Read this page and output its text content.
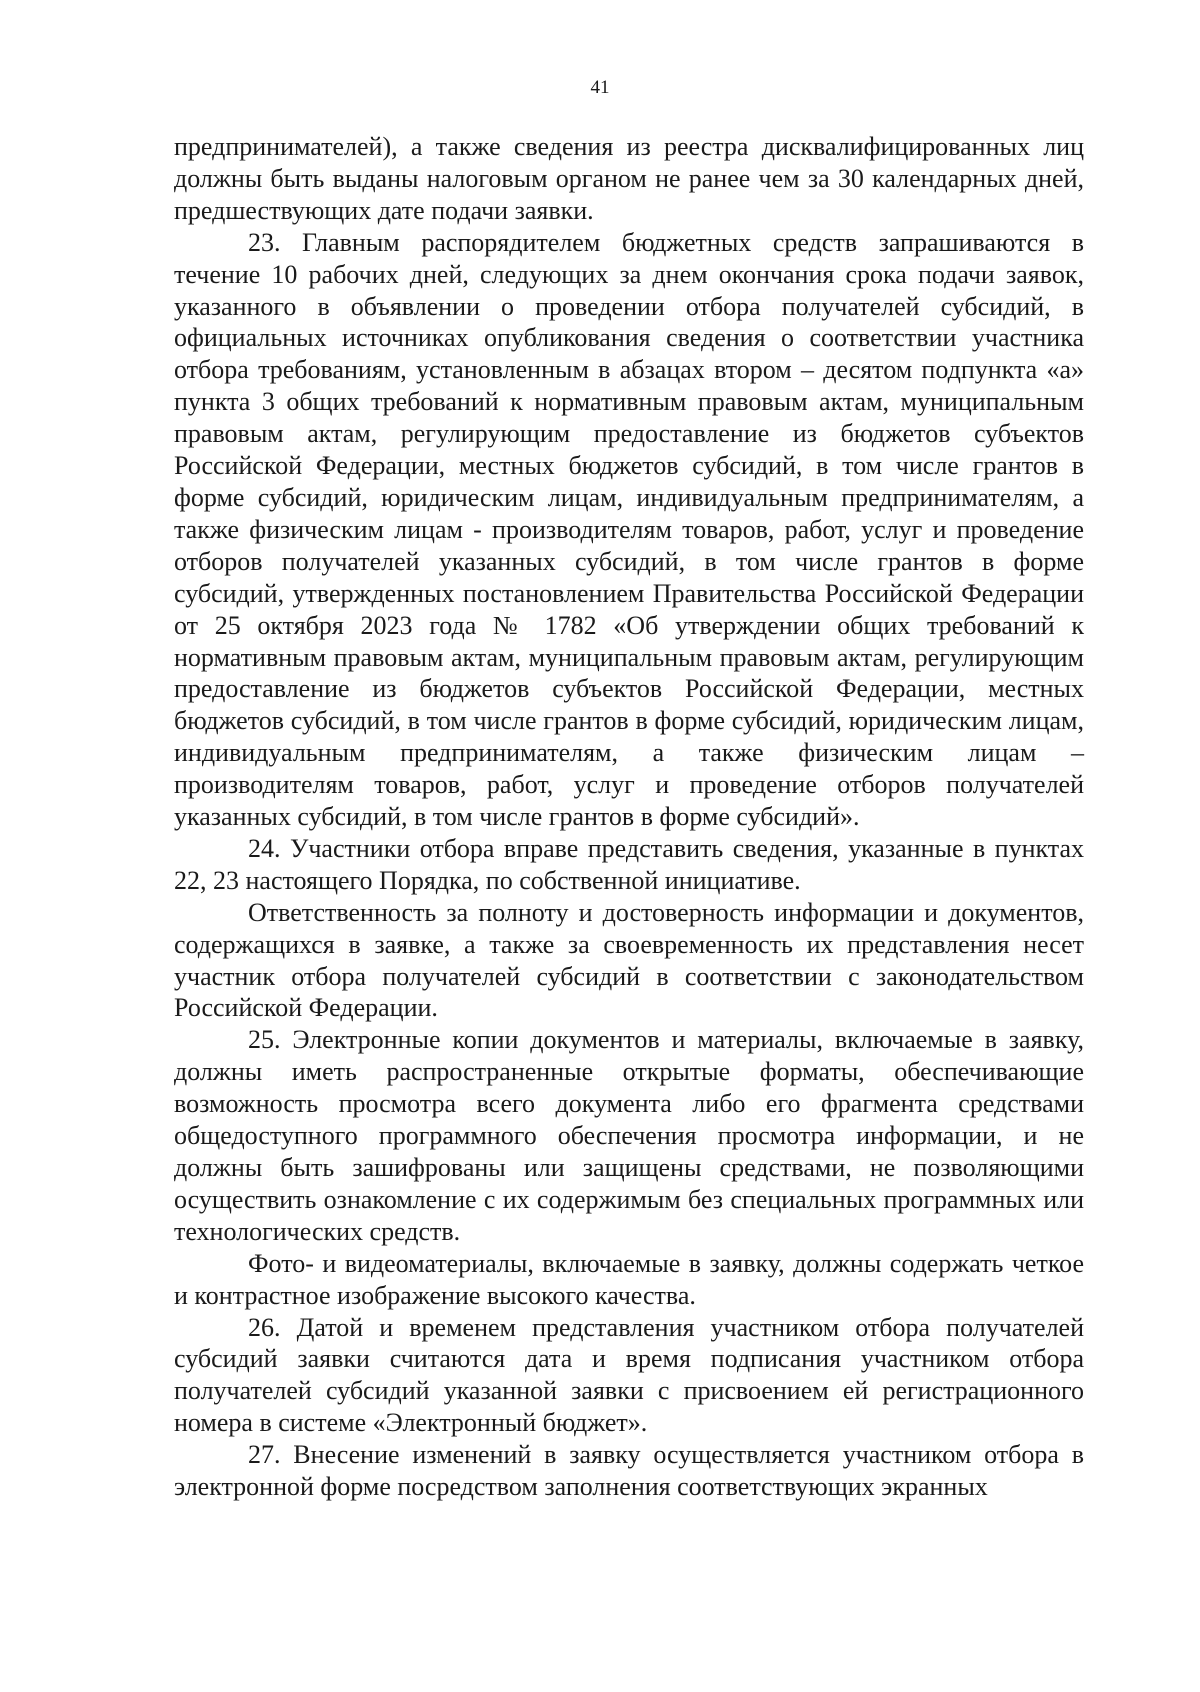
41

предпринимателей), а также сведения из реестра дисквалифицированных лиц должны быть выданы налоговым органом не ранее чем за 30 календарных дней, предшествующих дате подачи заявки.

23. Главным распорядителем бюджетных средств запрашиваются в течение 10 рабочих дней, следующих за днем окончания срока подачи заявок, указанного в объявлении о проведении отбора получателей субсидий, в официальных источниках опубликования сведения о соответствии участника отбора требованиям, установленным в абзацах втором – десятом подпункта «а» пункта 3 общих требований к нормативным правовым актам, муниципальным правовым актам, регулирующим предоставление из бюджетов субъектов Российской Федерации, местных бюджетов субсидий, в том числе грантов в форме субсидий, юридическим лицам, индивидуальным предпринимателям, а также физическим лицам - производителям товаров, работ, услуг и проведение отборов получателей указанных субсидий, в том числе грантов в форме субсидий, утвержденных постановлением Правительства Российской Федерации от 25 октября 2023 года № 1782 «Об утверждении общих требований к нормативным правовым актам, муниципальным правовым актам, регулирующим предоставление из бюджетов субъектов Российской Федерации, местных бюджетов субсидий, в том числе грантов в форме субсидий, юридическим лицам, индивидуальным предпринимателям, а также физическим лицам – производителям товаров, работ, услуг и проведение отборов получателей указанных субсидий, в том числе грантов в форме субсидий».

24. Участники отбора вправе представить сведения, указанные в пунктах 22, 23 настоящего Порядка, по собственной инициативе.

Ответственность за полноту и достоверность информации и документов, содержащихся в заявке, а также за своевременность их представления несет участник отбора получателей субсидий в соответствии с законодательством Российской Федерации.

25. Электронные копии документов и материалы, включаемые в заявку, должны иметь распространенные открытые форматы, обеспечивающие возможность просмотра всего документа либо его фрагмента средствами общедоступного программного обеспечения просмотра информации, и не должны быть зашифрованы или защищены средствами, не позволяющими осуществить ознакомление с их содержимым без специальных программных или технологических средств.

Фото- и видеоматериалы, включаемые в заявку, должны содержать четкое и контрастное изображение высокого качества.

26. Датой и временем представления участником отбора получателей субсидий заявки считаются дата и время подписания участником отбора получателей субсидий указанной заявки с присвоением ей регистрационного номера в системе «Электронный бюджет».

27. Внесение изменений в заявку осуществляется участником отбора в электронной форме посредством заполнения соответствующих экранных
